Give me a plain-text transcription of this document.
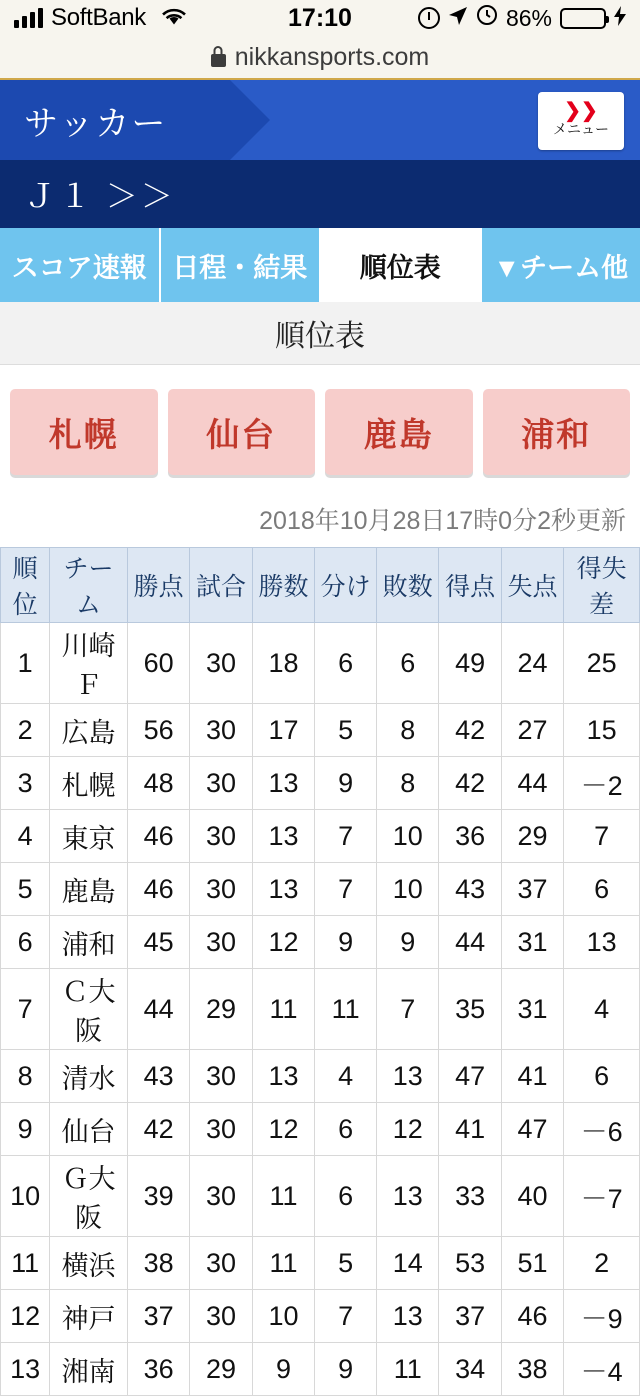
SoftBank	17:10	86%
nikkansports.com
サッカー	❯❯
メニュー
Ｊ１ ＞＞
スコア速報 日程・結果 順位表 ▼チーム他
順位表
札幌	仙台	鹿島	浦和
2018年10月28日17時0分2秒更新
順位	チーム	勝点	試合	勝数	分け	敗数	得点	失点	得失差
1	川崎Ｆ	60	30	18	6	6	49	24	25
2	広島	56	30	17	5	8	42	27	15
3	札幌	48	30	13	9	8	42	44	－2
4	東京	46	30	13	7	10	36	29	7
5	鹿島	46	30	13	7	10	43	37	6
6	浦和	45	30	12	9	9	44	31	13
7	Ｃ大阪	44	29	11	11	7	35	31	4
8	清水	43	30	13	4	13	47	41	6
9	仙台	42	30	12	6	12	41	47	－6
10	Ｇ大阪	39	30	11	6	13	33	40	－7
11	横浜	38	30	11	5	14	53	51	2
12	神戸	37	30	10	7	13	37	46	－9
13	湘南	36	29	9	9	11	34	38	－4
